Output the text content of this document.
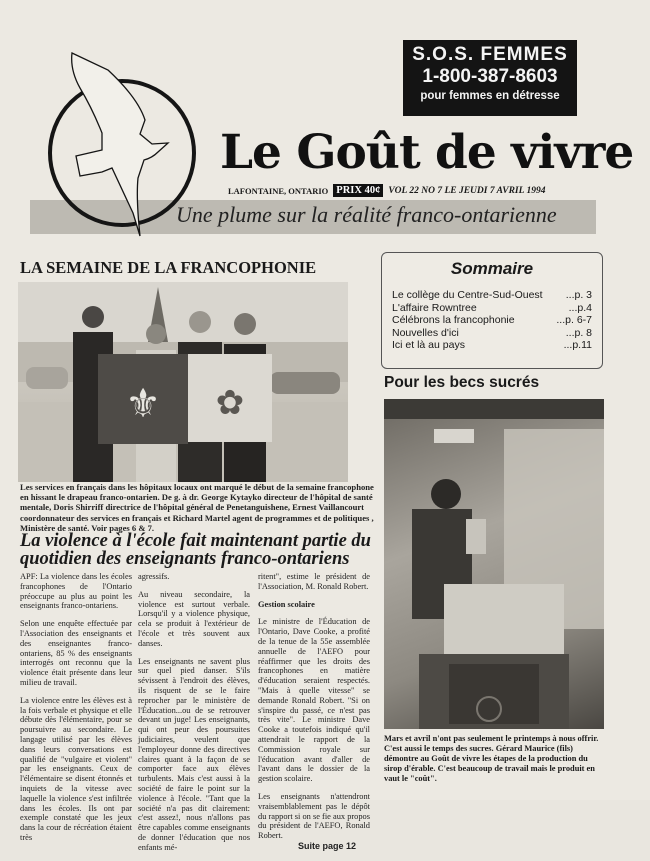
S.O.S. FEMMES
1-800-387-8603
pour femmes en détresse
Le Goût de vivre
LAFONTAINE, ONTARIO PRIX 40¢ VOL 22 NO 7 LE JEUDI 7 AVRIL 1994
Une plume sur la réalité franco-ontarienne
LA SEMAINE DE LA FRANCOPHONIE
⚜ ✿
Les services en français dans les hôpitaux locaux ont marqué le début de la semaine francophone en hissant le drapeau franco-ontarien. De g. à dr. George Kytayko directeur de l'hôpital de santé mentale, Doris Shirriff directrice de l'hôpital général de Penetanguishene, Ernest Vaillancourt coordonnateur des services en français et Richard Martel agent de programmes et de politiques , Ministère de santé. Voir pages 6 & 7.
La violence à l'école fait maintenant partie du quotidien des enseignants franco-ontariens

APF: La violence dans les écoles francophones de l'Ontario préoccupe au plus au point les enseignants franco-ontariens.

Selon une enquête effectuée par l'Association des enseignants et des enseignantes franco-ontariens, 85 % des enseignants interrogés ont reconnu que la violence était présente dans leur milieu de travail.

La violence entre les élèves est à la fois verbale et physique et elle débute dès l'élémentaire, pour se poursuivre au secondaire. Le langage utilisé par les élèves dans leurs conversations est qualifié de "vulgaire et violent" par les enseignants. Ceux de l'élémentaire se disent étonnés et inquiets de la vitesse avec laquelle la violence s'est infiltrée dans les écoles. Ils ont par exemple constaté que les jeux dans la cour de récréation étaient très

agressifs.

Au niveau secondaire, la violence est surtout verbale. Lorsqu'il y a violence physique, cela se produit à l'extérieur de l'école et très souvent aux danses.

Les enseignants ne savent plus sur quel pied danser. S'ils sévissent à l'endroit des élèves, ils risquent de se le faire reprocher par le ministère de l'Éducation...ou de se retrouver devant un juge! Les enseignants, qui ont peur des poursuites judiciaires, veulent que l'employeur donne des directives claires quant à la façon de se comporter face aux élèves turbulents. Mais c'est aussi à la société de faire le point sur la violence à l'école. "Tant que la société n'a pas dit clairement: c'est assez!, nous n'allons pas être capables comme enseignants de donner l'éducation que nos enfants mé-

ritent", estime le président de l'Association, M. Ronald Robert.

Gestion scolaire

Le ministre de l'Éducation de l'Ontario, Dave Cooke, a profité de la tenue de la 55e assemblée annuelle de l'AEFO pour réaffirmer que les droits des francophones en matière d'éducation seraient respectés. "Mais à quelle vitesse" se demande Ronald Robert. "Si on s'inspire du passé, ce n'est pas très vite". Le ministre Dave Cooke a toutefois indiqué qu'il attendrait le rapport de la Commission royale sur l'éducation avant d'aller de l'avant dans le dossier de la gestion scolaire.

Les enseignants n'attendront vraisemblablement pas le dépôt du rapport si on se fie aux propos du président de l'AEFO, Ronald Robert.

Suite page 12
Sommaire
Le collège du Centre-Sud-Ouest ...p. 3
L'affaire Rowntree	...p.4
Célébrons la francophonie	...p. 6-7
Nouvelles d'ici	...p. 8
Ici et là au pays	...p.11
Pour les becs sucrés
Mars et avril n'ont pas seulement le printemps à nous offrir. C'est aussi le temps des sucres. Gérard Maurice (fils) démontre au Goût de vivre les étapes de la production du sirop d'érable. C'est beaucoup de travail mais le produit en vaut le "coût".
